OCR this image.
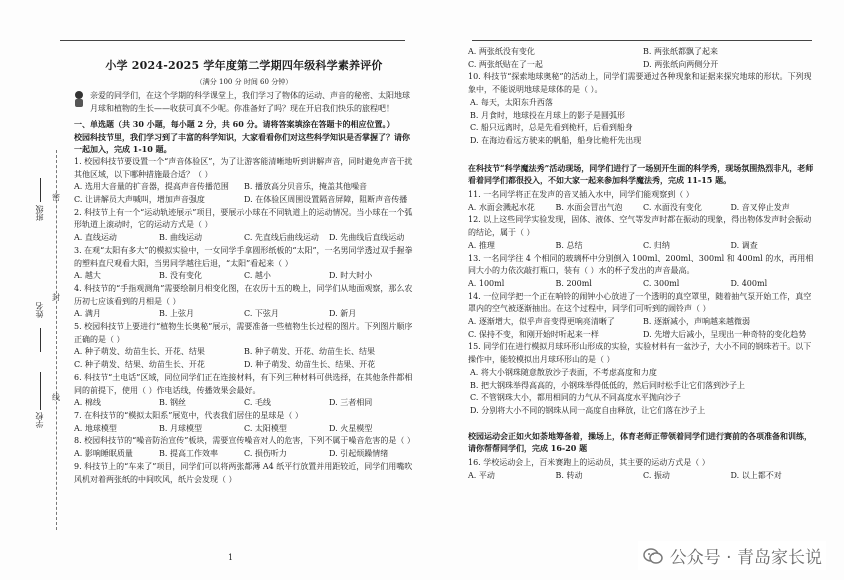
班级
姓名
学校
密
封
线
小学 2024-2025 学年度第二学期四年级科学素养评价
（满分 100 分 时间 60 分钟）
亲爱的同学们，在这个学期的科学课堂上，我们学习了物体的运动、声音的秘密、太阳地球月球和植物的生长——收获可真不少呢。你准备好了吗？现在开启我们快乐的旅程吧！
一、单选题（共 30 小题，每小题 2 分，共 60 分。请将答案填涂在答题卡的相应位置。）
校园科技节里，我们学习到了丰富的科学知识，大家看看你们对这些科学知识是否掌握了？请你一起加入，完成 1-10 题。
1. 校园科技节要设置一个“声音体验区”，为了让游客能清晰地听到讲解声音，同时避免声音干扰其他区域，以下哪种措施最合适？（ ）
A. 选用大音量的扩音器，提高声音传播范围	B. 播放高分贝音乐，掩盖其他噪音
C. 让讲解员大声喊叫，增加声音强度	D. 在体验区周围设置隔音屏障，阻断声音传播
2. 科技节上有一个“运动轨迹展示”项目，要展示小球在不同轨道上的运动情况。当小球在一个弧形轨道上滚动时，它的运动方式是（ ）
A. 直线运动	B. 曲线运动	C. 先直线后曲线运动	D. 先曲线后直线运动
3. 在观“太阳有多大”的模拟实验中，一女同学手拿圆形纸板的“太阳”，一名男同学透过双手握拳的塑料直尺观看大阳，当男同学越往后退，“太阳”看起来（ ）
A. 越大	B. 没有变化	C. 越小	D. 时大时小
4. 科技节的“手指观测角”需要绘制月相变化图，在农历十五的晚上，同学们从地面观察，那么农历初七应该看到的月相是（ ）
A. 满月	B. 上弦月	C. 下弦月	D. 新月
5. 校园科技节上要进行“植物生长奥秘”展示，需要准备一些植物生长过程的图片。下列图片顺序正确的是（ ）
A. 种子萌发、幼苗生长、开花、结果	B. 种子萌发、开花、幼苗生长、结果
C. 种子萌发、结果、幼苗生长、开花	D. 种子萌发、幼苗生长、结果、开花
6. 科技节“土电话”区域，同位同学们正在连接材料，有下列三种材料可供选择，在其他条件都相同的前提下，使用（ ）作电话线，传播效果会最好。
A. 棉线	B. 钢丝	C. 毛线	D. 三者相同
7. 在科技节的“模拟太阳系”展览中，代表我们居住的星球是（ ）
A. 地球模型	B. 月球模型	C. 太阳模型	D. 火星模型
8. 校园科技节的“噪音防治宣传”板块，需要宣传噪音对人的危害，下列不属于噪音危害的是（ ）
A. 影响睡眠质量	B. 提高工作效率	C. 损伤听力	D. 引起烦躁情绪
9. 科技节上的“车来了”项目，同学们可以将两张都薄 A4 纸平行放置并用距较近，同学们用嘴吹风机对着两张纸的中间吹风，纸片会发现（ ）
1
A. 两张纸没有变化	B. 两张纸都飘了起来
C. 两张纸贴在了一起	D. 两张纸向两侧分开
10. 科技节“探索地球奥秘”的活动上，同学们需要通过各种现象和证据来探究地球的形状。下列现象中，不能说明地球是球体的是（ ）。
A. 每天，太阳东升西落
B. 月食时，地球投在月球上的影子是圆弧形
C. 船只远离时，总是先看到桅杆，后看到船身
D. 在海边看远方驶来的帆船，船身比桅杆先出现
在科技节“科学魔法秀”活动现场，同学们进行了一场别开生面的科学秀，现场氛围热烈非凡，老师看着同学们都很投入，不如大家一起来参加科学魔法秀，完成 11-15 题。
11. 一名同学将正在发声的音叉插入水中，同学们能观察到（ ）
A. 水面会溅起水花	B. 水面会冒出气泡	C. 水面没有变化	D. 音叉停止发声
12. 以上这些同学实验发现，固体、液体、空气等发声时都在振动的现象，得出物体发声时会振动的结论，属于（ ）
A. 推理	B. 总结	C. 归纳	D. 调查
13. 一名同学往 4 个相同的玻璃杯中分别倒入 100ml、200ml、300ml 和 400ml 的水，再用相同大小的力依次敲打瓶口，装有（ ）水的杯子发出的声音最高。
A. 100ml	B. 200ml	C. 300ml	D. 400ml
14. 一位同学把一个正在响铃的闹钟小心放进了一个透明的真空罩里，随着抽气泵开始工作，真空罩内的空气被逐渐抽出。在这个过程中，同学们可听到的闹铃声（ ）
A. 逐渐增大，似乎声音变得更响亮清晰了	B. 逐渐减小，声响越来越微弱
C. 保持不变，和刚开始时听起来一样	D. 先增大后减小，呈现出一种奇特的变化趋势
15. 同学们在进行模拟月球环形山形成的实验，实验材料有一盆沙子，大小不同的钢珠若干。以下操作中，能较模拟出月球环形山的是（ ）
A. 将大小钢珠随意散放沙子表面，不考虑高度和力度
B. 把大钢珠举得高高的，小钢珠举得低低的，然后同时松手让它们落到沙子上
C. 不管钢珠大小，都用相同的力气从不同高度水平抛向沙子
D. 分别将大小不同的钢珠从同一高度自由释放，让它们落在沙子上
校园运动会正如火如荼地筹备着，操场上，体育老师正带领着同学们进行赛前的各项准备和训练，请你帮帮同学们，完成 16-20 题
16. 学校运动会上，百米赛跑上的运动员，其主要的运动方式是（ ）
A. 平动	B. 转动	C. 振动	D. 以上都不对
公众号 · 青岛家长说
